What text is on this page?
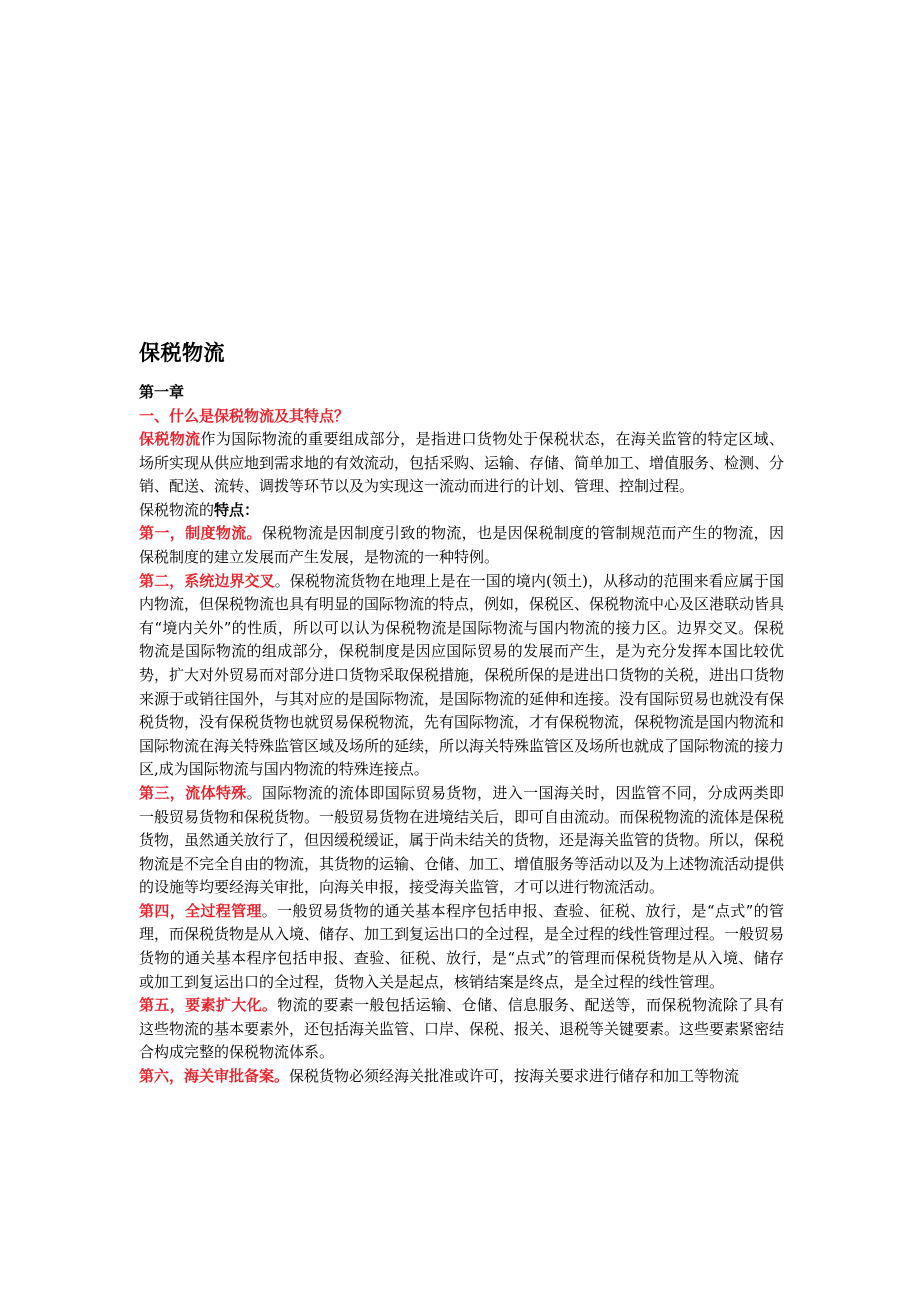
保税物流
第一章
一、什么是保税物流及其特点？

保税物流作为国际物流的重要组成部分，是指进口货物处于保税状态，在海关监管的特定区域、场所实现从供应地到需求地的有效流动，包括采购、运输、存储、简单加工、增值服务、检测、分销、配送、流转、调拨等环节以及为实现这一流动而进行的计划、管理、控制过程。

保税物流的特点：

第一，制度物流。保税物流是因制度引致的物流，也是因保税制度的管制规范而产生的物流，因保税制度的建立发展而产生发展，是物流的一种特例。

第二，系统边界交叉。保税物流货物在地理上是在一国的境内(领土)，从移动的范围来看应属于国内物流，但保税物流也具有明显的国际物流的特点，例如，保税区、保税物流中心及区港联动皆具有“境内关外”的性质，所以可以认为保税物流是国际物流与国内物流的接力区。边界交叉。保税物流是国际物流的组成部分，保税制度是因应国际贸易的发展而产生，是为充分发挥本国比较优势，扩大对外贸易而对部分进口货物采取保税措施，保税所保的是进出口货物的关税，进出口货物来源于或销往国外，与其对应的是国际物流，是国际物流的延伸和连接。没有国际贸易也就没有保税货物，没有保税货物也就贸易保税物流，先有国际物流，才有保税物流，保税物流是国内物流和国际物流在海关特殊监管区域及场所的延续，所以海关特殊监管区及场所也就成了国际物流的接力区,成为国际物流与国内物流的特殊连接点。

第三，流体特殊。国际物流的流体即国际贸易货物，进入一国海关时，因监管不同，分成两类即一般贸易货物和保税货物。一般贸易货物在进境结关后，即可自由流动。而保税物流的流体是保税货物，虽然通关放行了，但因缓税缓证，属于尚未结关的货物，还是海关监管的货物。所以，保税物流是不完全自由的物流，其货物的运输、仓储、加工、增值服务等活动以及为上述物流活动提供的设施等均要经海关审批，向海关申报，接受海关监管，才可以进行物流活动。

第四，全过程管理。一般贸易货物的通关基本程序包括申报、查验、征税、放行，是“点式”的管理，而保税货物是从入境、储存、加工到复运出口的全过程，是全过程的线性管理过程。一般贸易货物的通关基本程序包括申报、查验、征税、放行，是“点式”的管理而保税货物是从入境、储存或加工到复运出口的全过程，货物入关是起点，核销结案是终点，是全过程的线性管理。

第五，要素扩大化。物流的要素一般包括运输、仓储、信息服务、配送等，而保税物流除了具有这些物流的基本要素外，还包括海关监管、口岸、保税、报关、退税等关键要素。这些要素紧密结合构成完整的保税物流体系。

第六，海关审批备案。保税货物必须经海关批准或许可，按海关要求进行储存和加工等物流
